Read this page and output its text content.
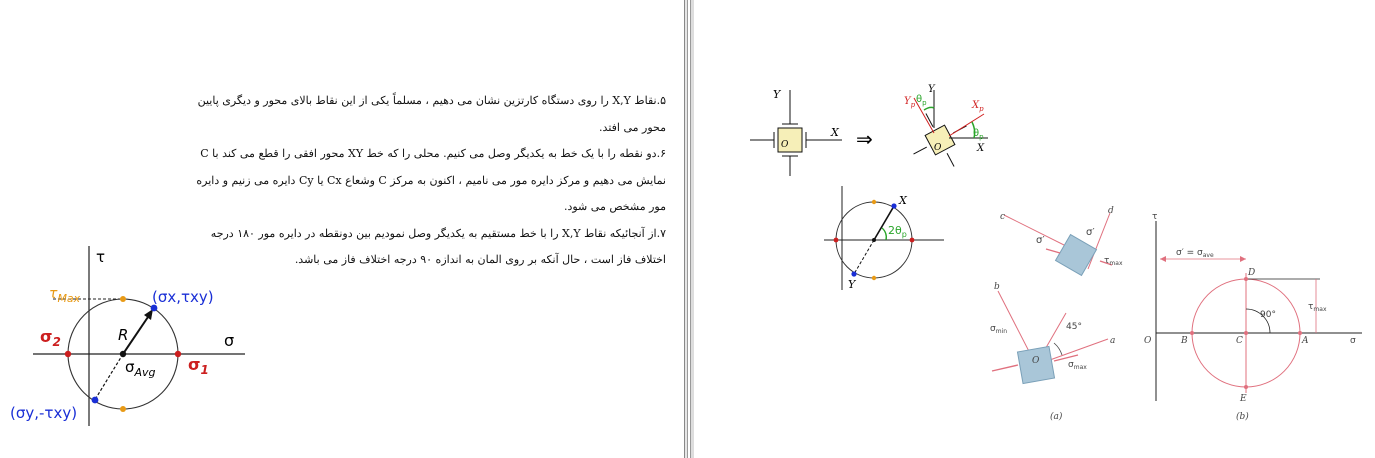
۵.نقاط X,Y را روی دستگاه کارتزین نشان می دهیم ، مسلماً یکی از این نقاط بالای محور و دیگری پایین محور می افتد.

۶.دو نقطه را با یک خط به یکدیگر وصل می کنیم. محلی را که خط XY محور افقی را قطع می کند با C نمایش می دهیم و مرکز دایره مور می نامیم ، اکنون به مرکز C وشعاع Cx یا Cy دایره می زنیم و دایره مور مشخص می شود.

۷.از آنجائیکه نقاط X,Y را با خط مستقیم به یکدیگر وصل نمودیم بین دونقطه در دایره مور ۱۸۰ درجه اختلاف فاز است ، حال آنکه بر روی المان به اندازه ۹۰ درجه اختلاف فاز می باشد.

τ
σ
$\tau_{Max}$
$\sigma_2$
$\sigma_1$
R
$\sigma_{Avg}$
(σx,τxy)
(σy,-τxy)
Y
X
O	⇒	O
Y
X
$Y_p$	$X_p$
$\theta_p$
$\theta_p$
X
Y
$2\theta_p$
c
d
σ′
σ′
$\tau_{max}$
b
a
45°
O
$\sigma_{min}$
$\sigma_{max}$
(a)
τ
σ
O
$\sigma' = \sigma_{ave}$
$\tau_{max}$
90°
D
E
B	C	A
(b)
